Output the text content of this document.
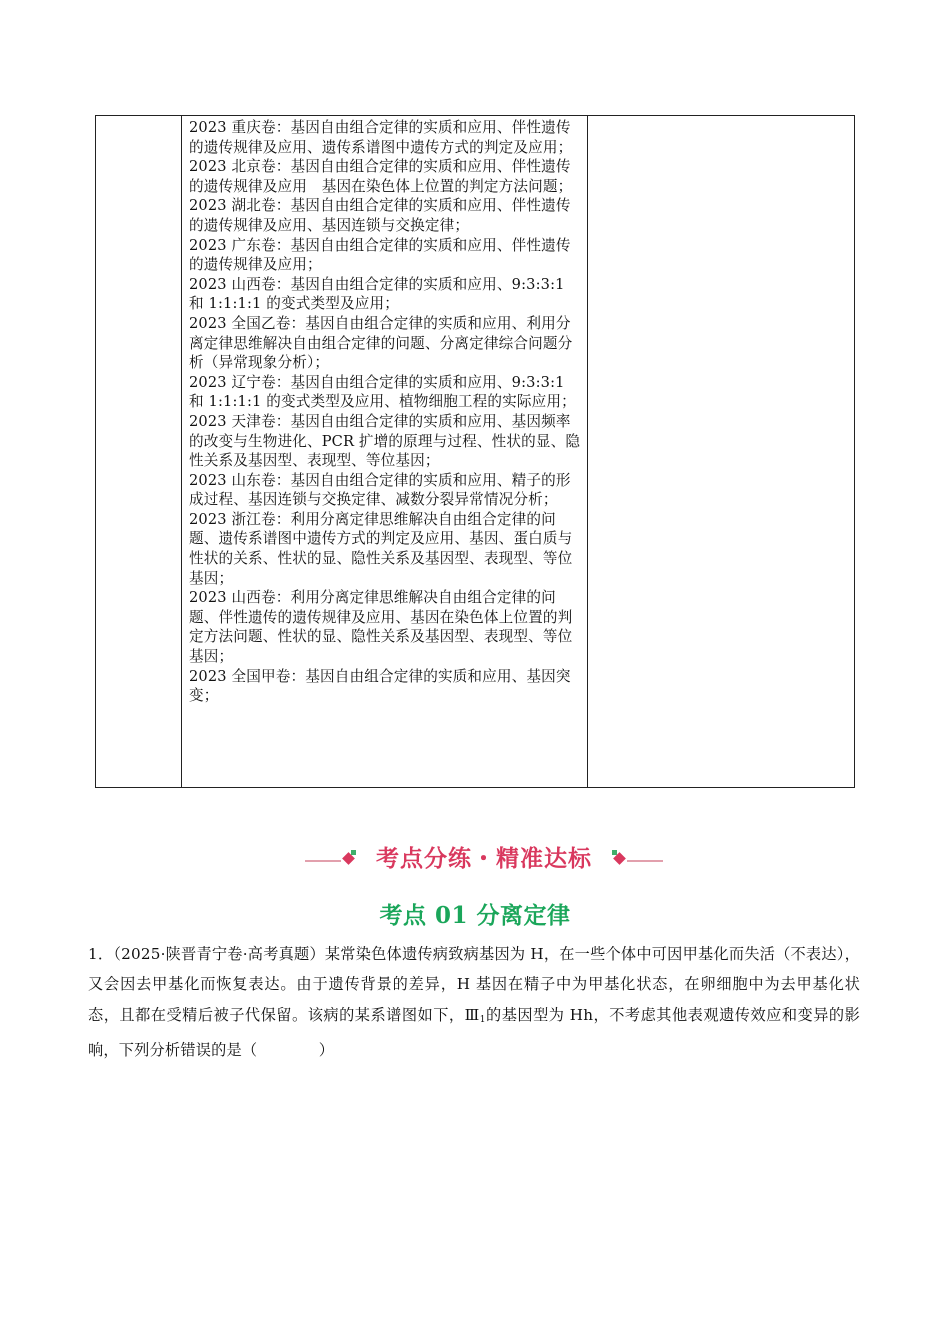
2023 重庆卷：基因自由组合定律的实质和应用、伴性遗传的遗传规律及应用、遗传系谱图中遗传方式的判定及应用；

2023 北京卷：基因自由组合定律的实质和应用、伴性遗传的遗传规律及应用　基因在染色体上位置的判定方法问题；

2023 湖北卷：基因自由组合定律的实质和应用、伴性遗传的遗传规律及应用、基因连锁与交换定律；

2023 广东卷：基因自由组合定律的实质和应用、伴性遗传的遗传规律及应用；

2023 山西卷：基因自由组合定律的实质和应用、9:3:3:1 和 1:1:1:1 的变式类型及应用；

2023 全国乙卷：基因自由组合定律的实质和应用、利用分离定律思维解决自由组合定律的问题、分离定律综合问题分析（异常现象分析）；

2023 辽宁卷：基因自由组合定律的实质和应用、9:3:3:1 和 1:1:1:1 的变式类型及应用、植物细胞工程的实际应用；

2023 天津卷：基因自由组合定律的实质和应用、基因频率的改变与生物进化、PCR 扩增的原理与过程、性状的显、隐性关系及基因型、表现型、等位基因；

2023 山东卷：基因自由组合定律的实质和应用、精子的形成过程、基因连锁与交换定律、减数分裂异常情况分析；

2023 浙江卷：利用分离定律思维解决自由组合定律的问题、遗传系谱图中遗传方式的判定及应用、基因、蛋白质与性状的关系、性状的显、隐性关系及基因型、表现型、等位基因；

2023 山西卷：利用分离定律思维解决自由组合定律的问题、伴性遗传的遗传规律及应用、基因在染色体上位置的判定方法问题、性状的显、隐性关系及基因型、表现型、等位基因；

2023 全国甲卷：基因自由组合定律的实质和应用、基因突变；

考点分练・精准达标
考点 01 分离定律

1．（2025·陕晋青宁卷·高考真题）某常染色体遗传病致病基因为 H，在一些个体中可因甲基化而失活（不表达），又会因去甲基化而恢复表达。由于遗传背景的差异，H 基因在精子中为甲基化状态，在卵细胞中为去甲基化状态，且都在受精后被子代保留。该病的某系谱图如下，$Ⅲ_1$的基因型为 Hh，不考虑其他表观遗传效应和变异的影响，下列分析错误的是（　　　　）
